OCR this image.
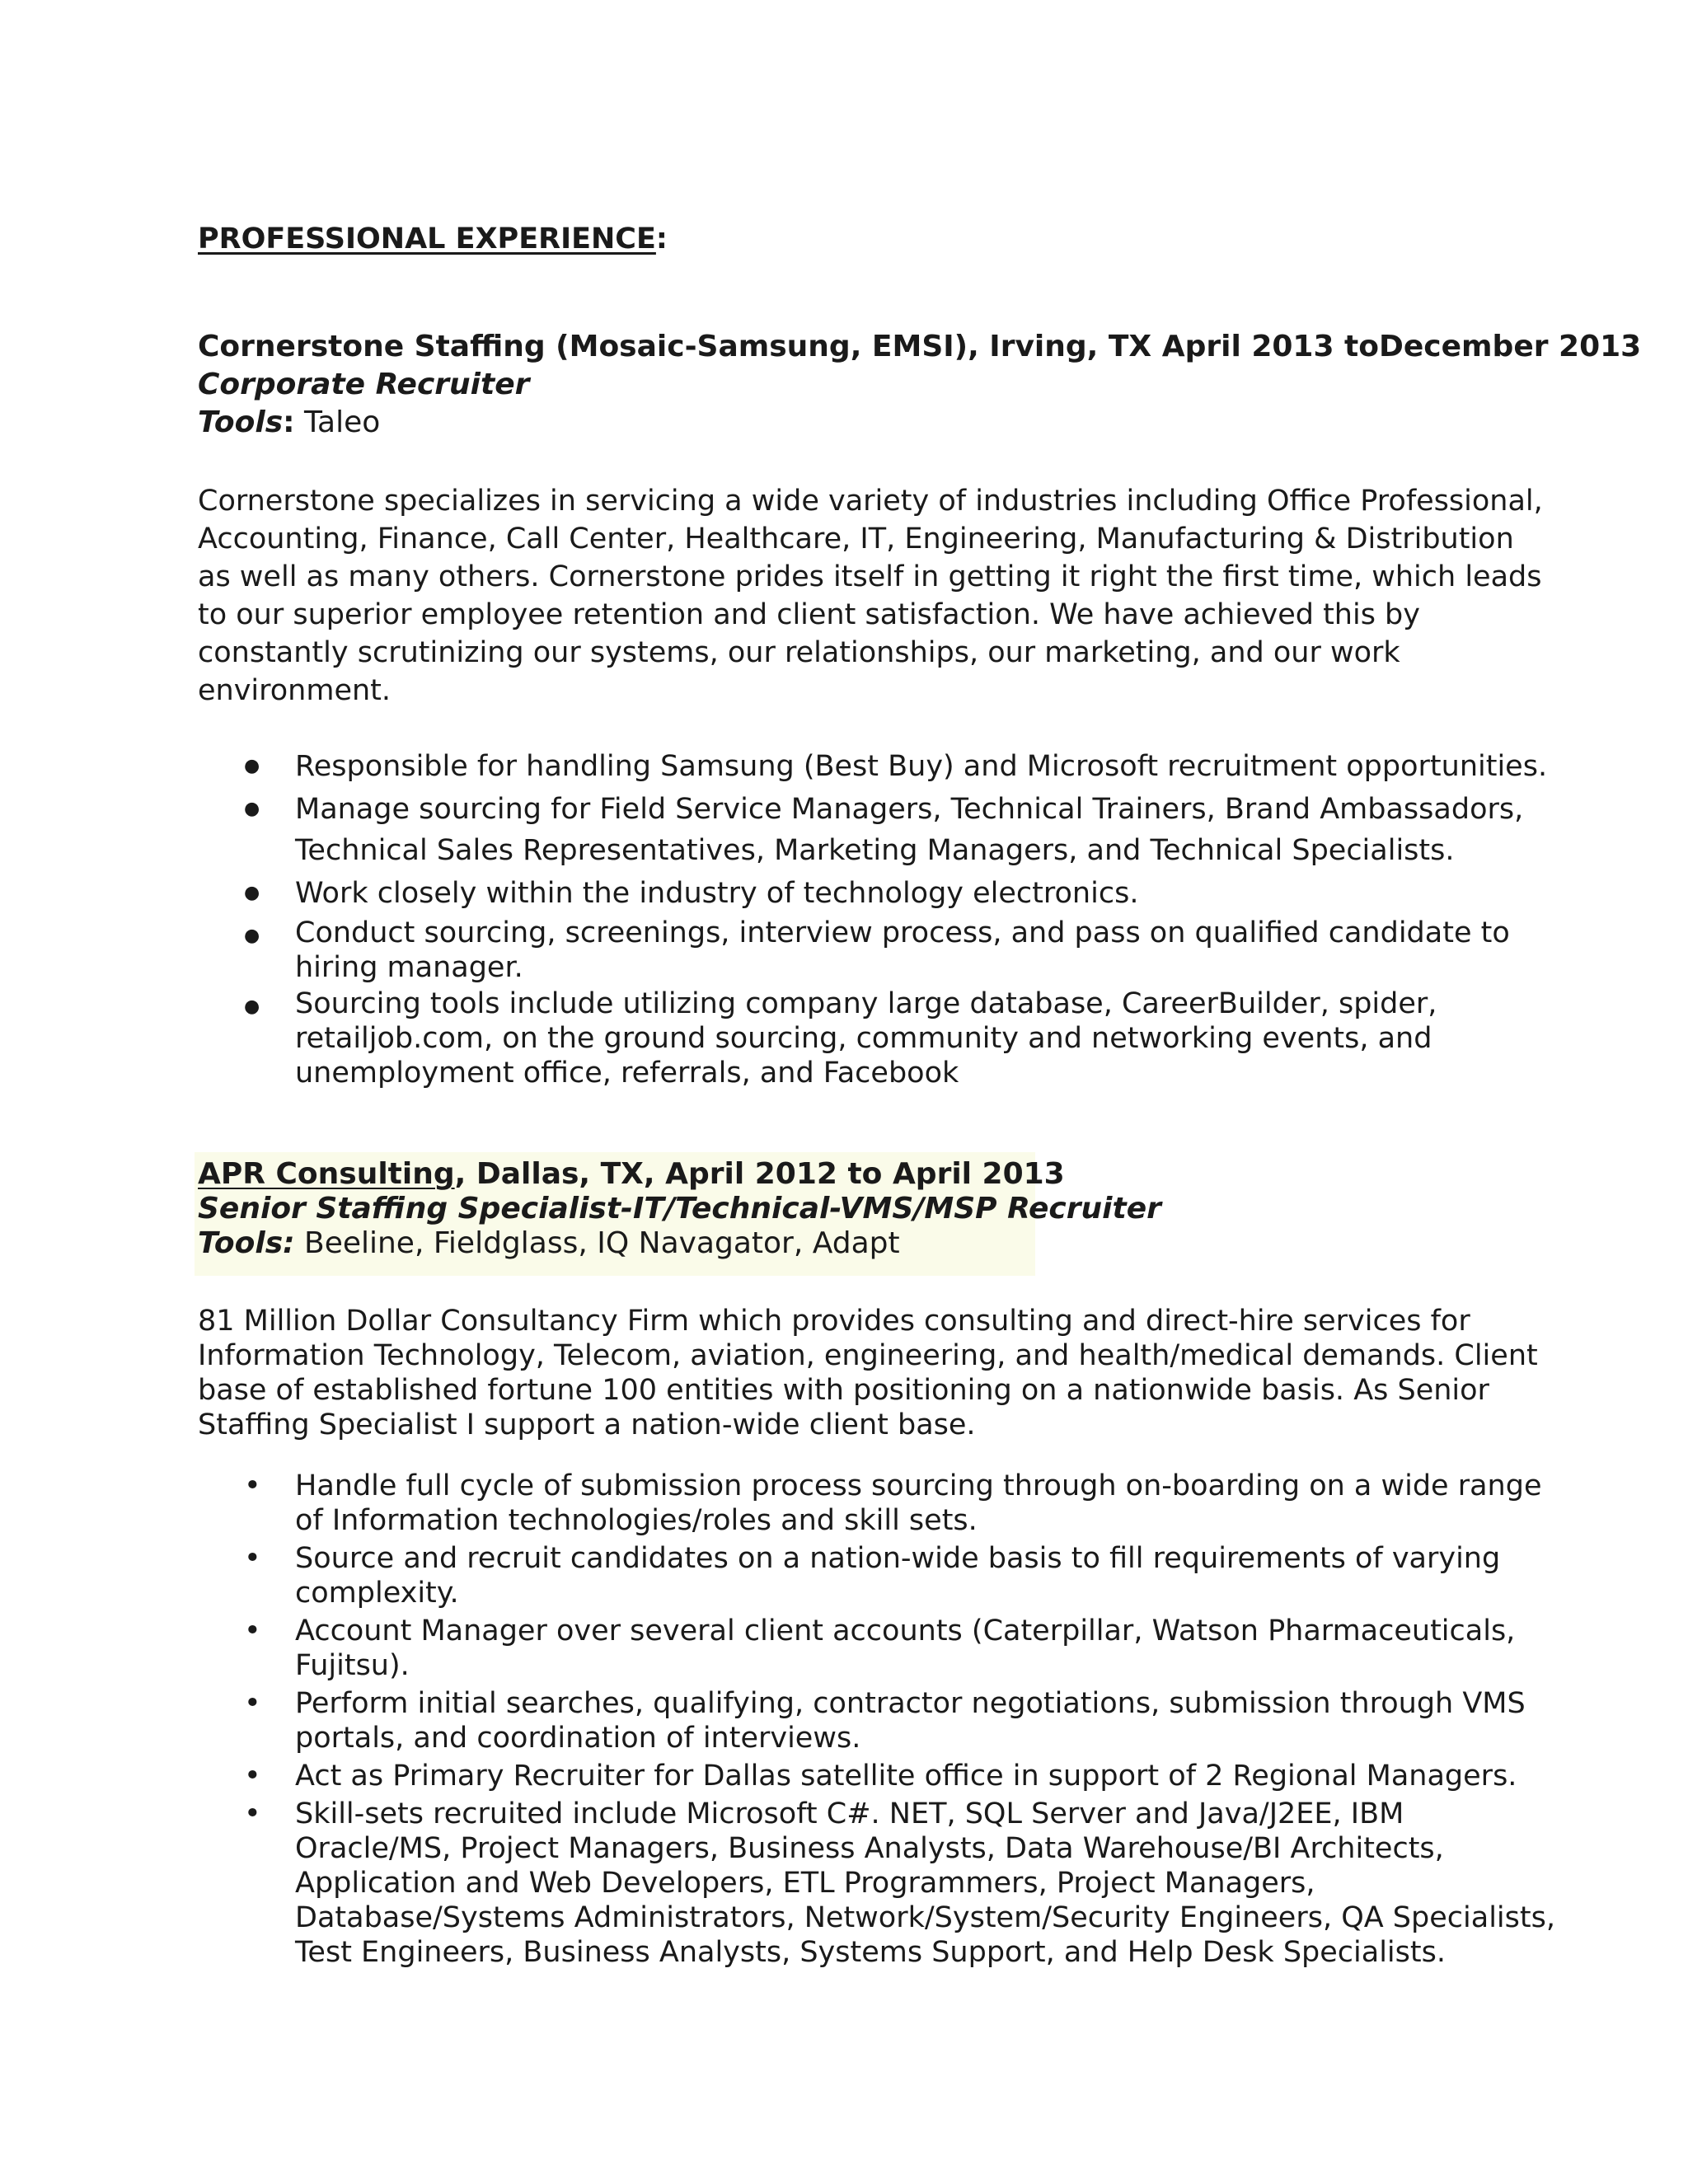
PROFESSIONAL EXPERIENCE:
Cornerstone Staffing (Mosaic-Samsung, EMSI), Irving, TX April 2013 toDecember 2013
Corporate Recruiter
Tools: Taleo
Cornerstone specializes in servicing a wide variety of industries including Office Professional,
Accounting, Finance, Call Center, Healthcare, IT, Engineering, Manufacturing & Distribution
as well as many others. Cornerstone prides itself in getting it right the first time, which leads
to our superior employee retention and client satisfaction. We have achieved this by
constantly scrutinizing our systems, our relationships, our marketing, and our work
environment.
● Responsible for handling Samsung (Best Buy) and Microsoft recruitment opportunities.
● Manage sourcing for Field Service Managers, Technical Trainers, Brand Ambassadors,
Technical Sales Representatives, Marketing Managers, and Technical Specialists.
● Work closely within the industry of technology electronics.
● Conduct sourcing, screenings, interview process, and pass on qualified candidate to
hiring manager.
● Sourcing tools include utilizing company large database, CareerBuilder, spider,
retailjob.com, on the ground sourcing, community and networking events, and
unemployment office, referrals, and Facebook
APR Consulting, Dallas, TX, April 2012 to April 2013
Senior Staffing Specialist-IT/Technical-VMS/MSP Recruiter
Tools: Beeline, Fieldglass, IQ Navagator, Adapt
81 Million Dollar Consultancy Firm which provides consulting and direct-hire services for
Information Technology, Telecom, aviation, engineering, and health/medical demands. Client
base of established fortune 100 entities with positioning on a nationwide basis. As Senior
Staffing Specialist I support a nation-wide client base.
• Handle full cycle of submission process sourcing through on-boarding on a wide range
of Information technologies/roles and skill sets.
• Source and recruit candidates on a nation-wide basis to fill requirements of varying
complexity.
• Account Manager over several client accounts (Caterpillar, Watson Pharmaceuticals,
Fujitsu).
• Perform initial searches, qualifying, contractor negotiations, submission through VMS
portals, and coordination of interviews.
• Act as Primary Recruiter for Dallas satellite office in support of 2 Regional Managers.
• Skill-sets recruited include Microsoft C#. NET, SQL Server and Java/J2EE, IBM
Oracle/MS, Project Managers, Business Analysts, Data Warehouse/BI Architects,
Application and Web Developers, ETL Programmers, Project Managers,
Database/Systems Administrators, Network/System/Security Engineers, QA Specialists,
Test Engineers, Business Analysts, Systems Support, and Help Desk Specialists.
